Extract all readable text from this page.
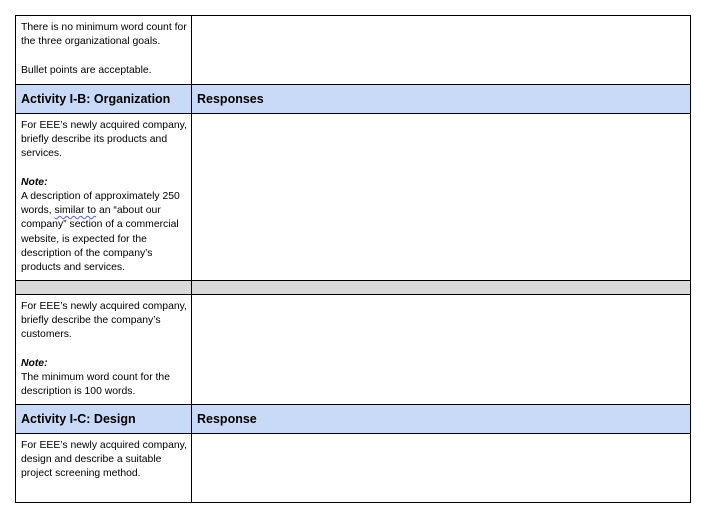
There is no minimum word count for the three organizational goals.

Bullet points are acceptable.	

Activity I-B: Organization	Responses

For EEE’s newly acquired company, briefly describe its products and services.

Note:
A description of approximately 250 words, similar to an “about our company” section of a commercial website, is expected for the description of the company’s products and services.	

For EEE’s newly acquired company, briefly describe the company’s customers.

Note:
The minimum word count for the description is 100 words.	

Activity I-C: Design	Response

For EEE’s newly acquired company, design and describe a suitable project screening method.	
